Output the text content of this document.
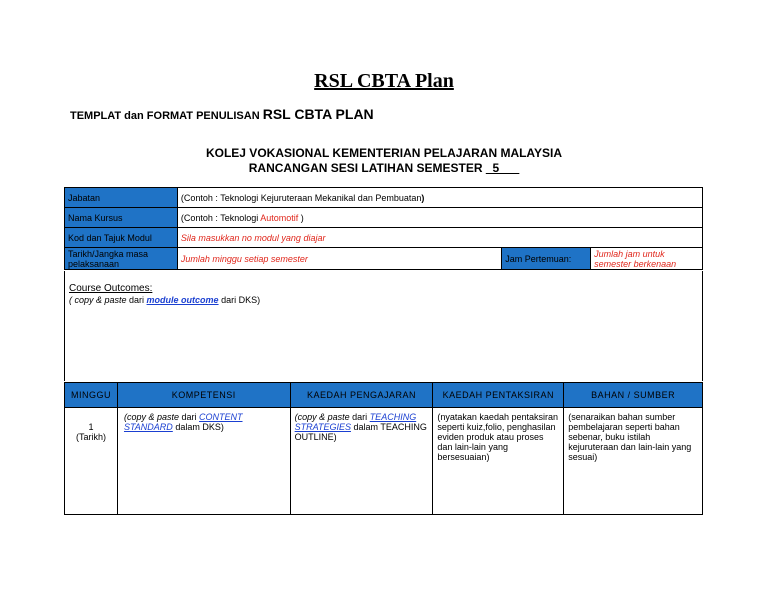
RSL CBTA Plan
TEMPLAT dan FORMAT PENULISAN RSL CBTA PLAN
KOLEJ VOKASIONAL KEMENTERIAN PELAJARAN MALAYSIA
RANCANGAN SESI LATIHAN SEMESTER _5___
Jabatan	(Contoh : Teknologi Kejuruteraan Mekanikal dan Pembuatan)		
Nama Kursus	(Contoh : Teknologi Automotif )		
Kod dan Tajuk Modul	Sila masukkan no modul yang diajar		
Tarikh/Jangka masa pelaksanaan	Jumlah minggu setiap semester	Jam Pertemuan:	Jumlah jam untuk semester berkenaan
Course Outcomes:
( copy & paste dari module outcome dari DKS)
MINGGU	KOMPETENSI	KAEDAH PENGAJARAN	KAEDAH PENTAKSIRAN	BAHAN / SUMBER

1
(Tarikh)	(copy & paste dari CONTENT STANDARD dalam DKS)	(copy & paste dari TEACHING STRATEGIES dalam TEACHING OUTLINE)	(nyatakan kaedah pentaksiran seperti kuiz,folio, penghasilan eviden produk atau proses dan lain-lain yang bersesuaian)	(senaraikan bahan sumber pembelajaran seperti bahan sebenar, buku istilah kejuruteraan dan lain-lain yang sesuai)
